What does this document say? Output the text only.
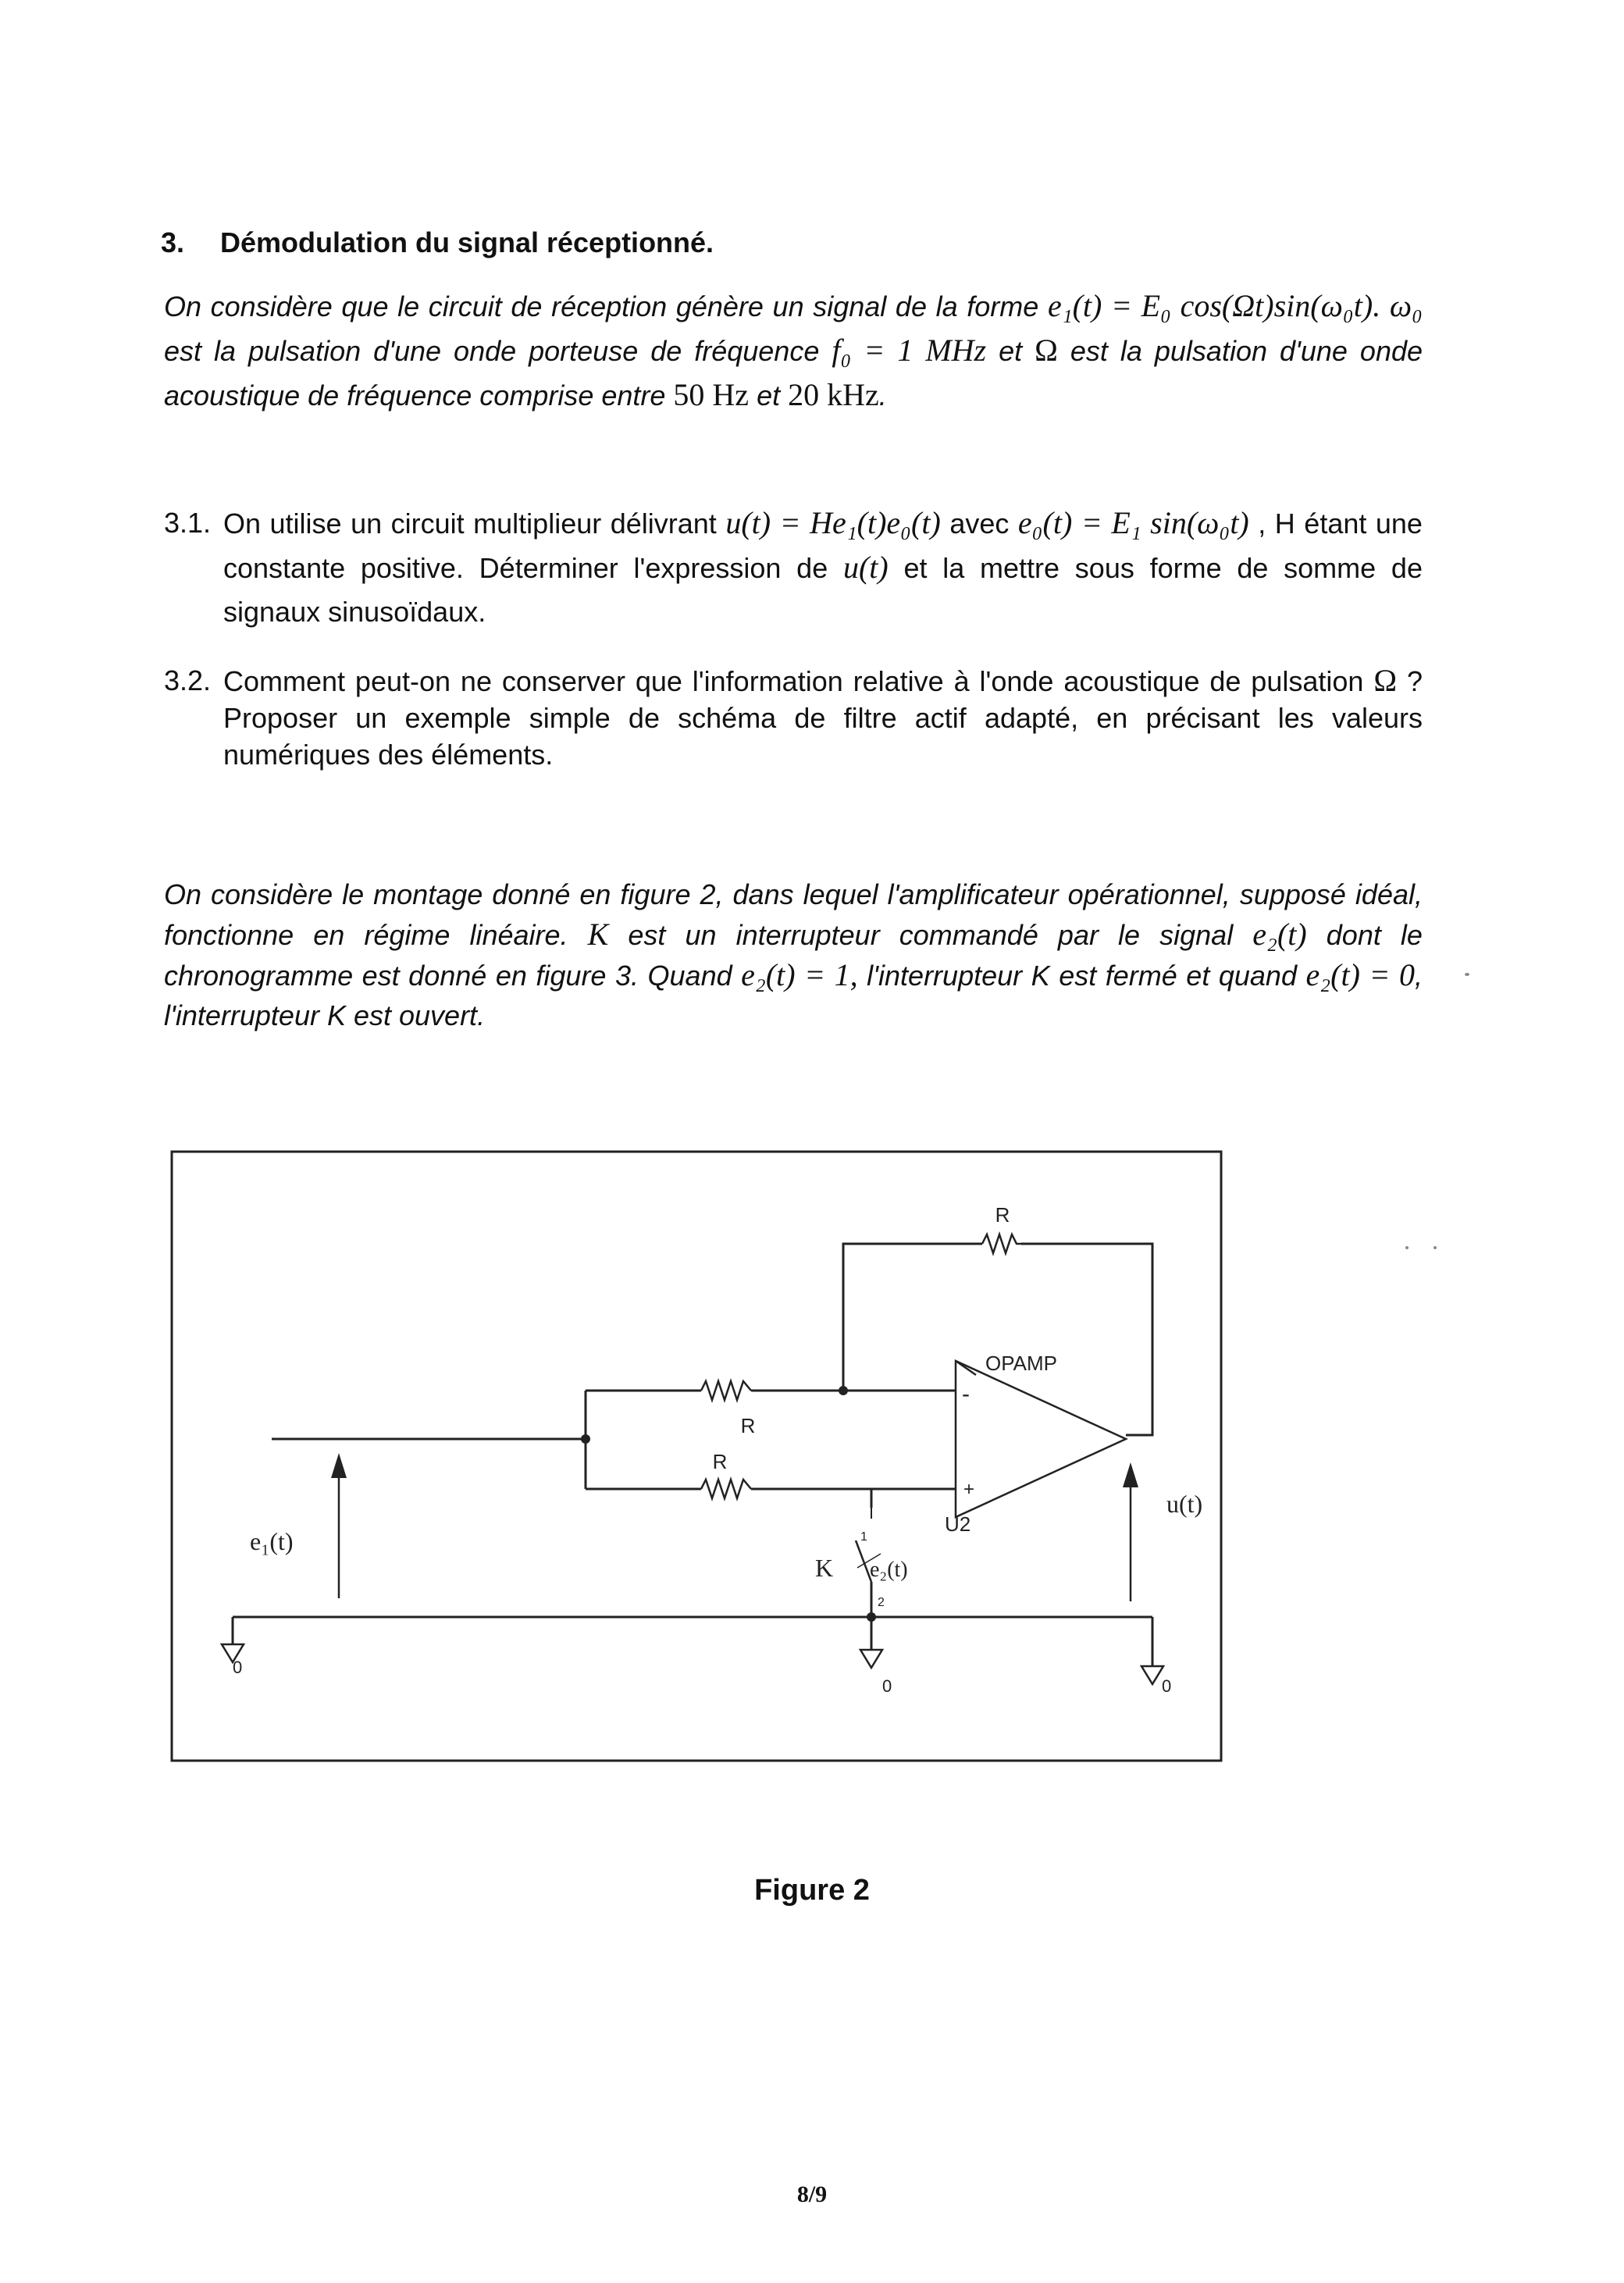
3. Démodulation du signal réceptionné.
On considère que le circuit de réception génère un signal de la forme e₁(t) = E₀ cos(Ωt)sin(ω₀t). ω₀ est la pulsation d'une onde porteuse de fréquence f₀ = 1 MHz et Ω est la pulsation d'une onde acoustique de fréquence comprise entre 50 Hz et 20 kHz.
3.1. On utilise un circuit multiplieur délivrant u(t) = He₁(t)e₀(t) avec e₀(t) = E₁ sin(ω₀t) , H étant une constante positive. Déterminer l'expression de u(t) et la mettre sous forme de somme de signaux sinusoïdaux.
3.2. Comment peut-on ne conserver que l'information relative à l'onde acoustique de pulsation Ω ? Proposer un exemple simple de schéma de filtre actif adapté, en précisant les valeurs numériques des éléments.
On considère le montage donné en figure 2, dans lequel l'amplificateur opérationnel, supposé idéal, fonctionne en régime linéaire. K est un interrupteur commandé par le signal e₂(t) dont le chronogramme est donné en figure 3. Quand e₂(t) = 1, l'interrupteur K est fermé et quand e₂(t) = 0, l'interrupteur K est ouvert.
R
R
R
OPAMP
-
+
U2
0
0	0
1
2
K e₂(t)
e₁(t)
u(t)
Figure 2
8/9
